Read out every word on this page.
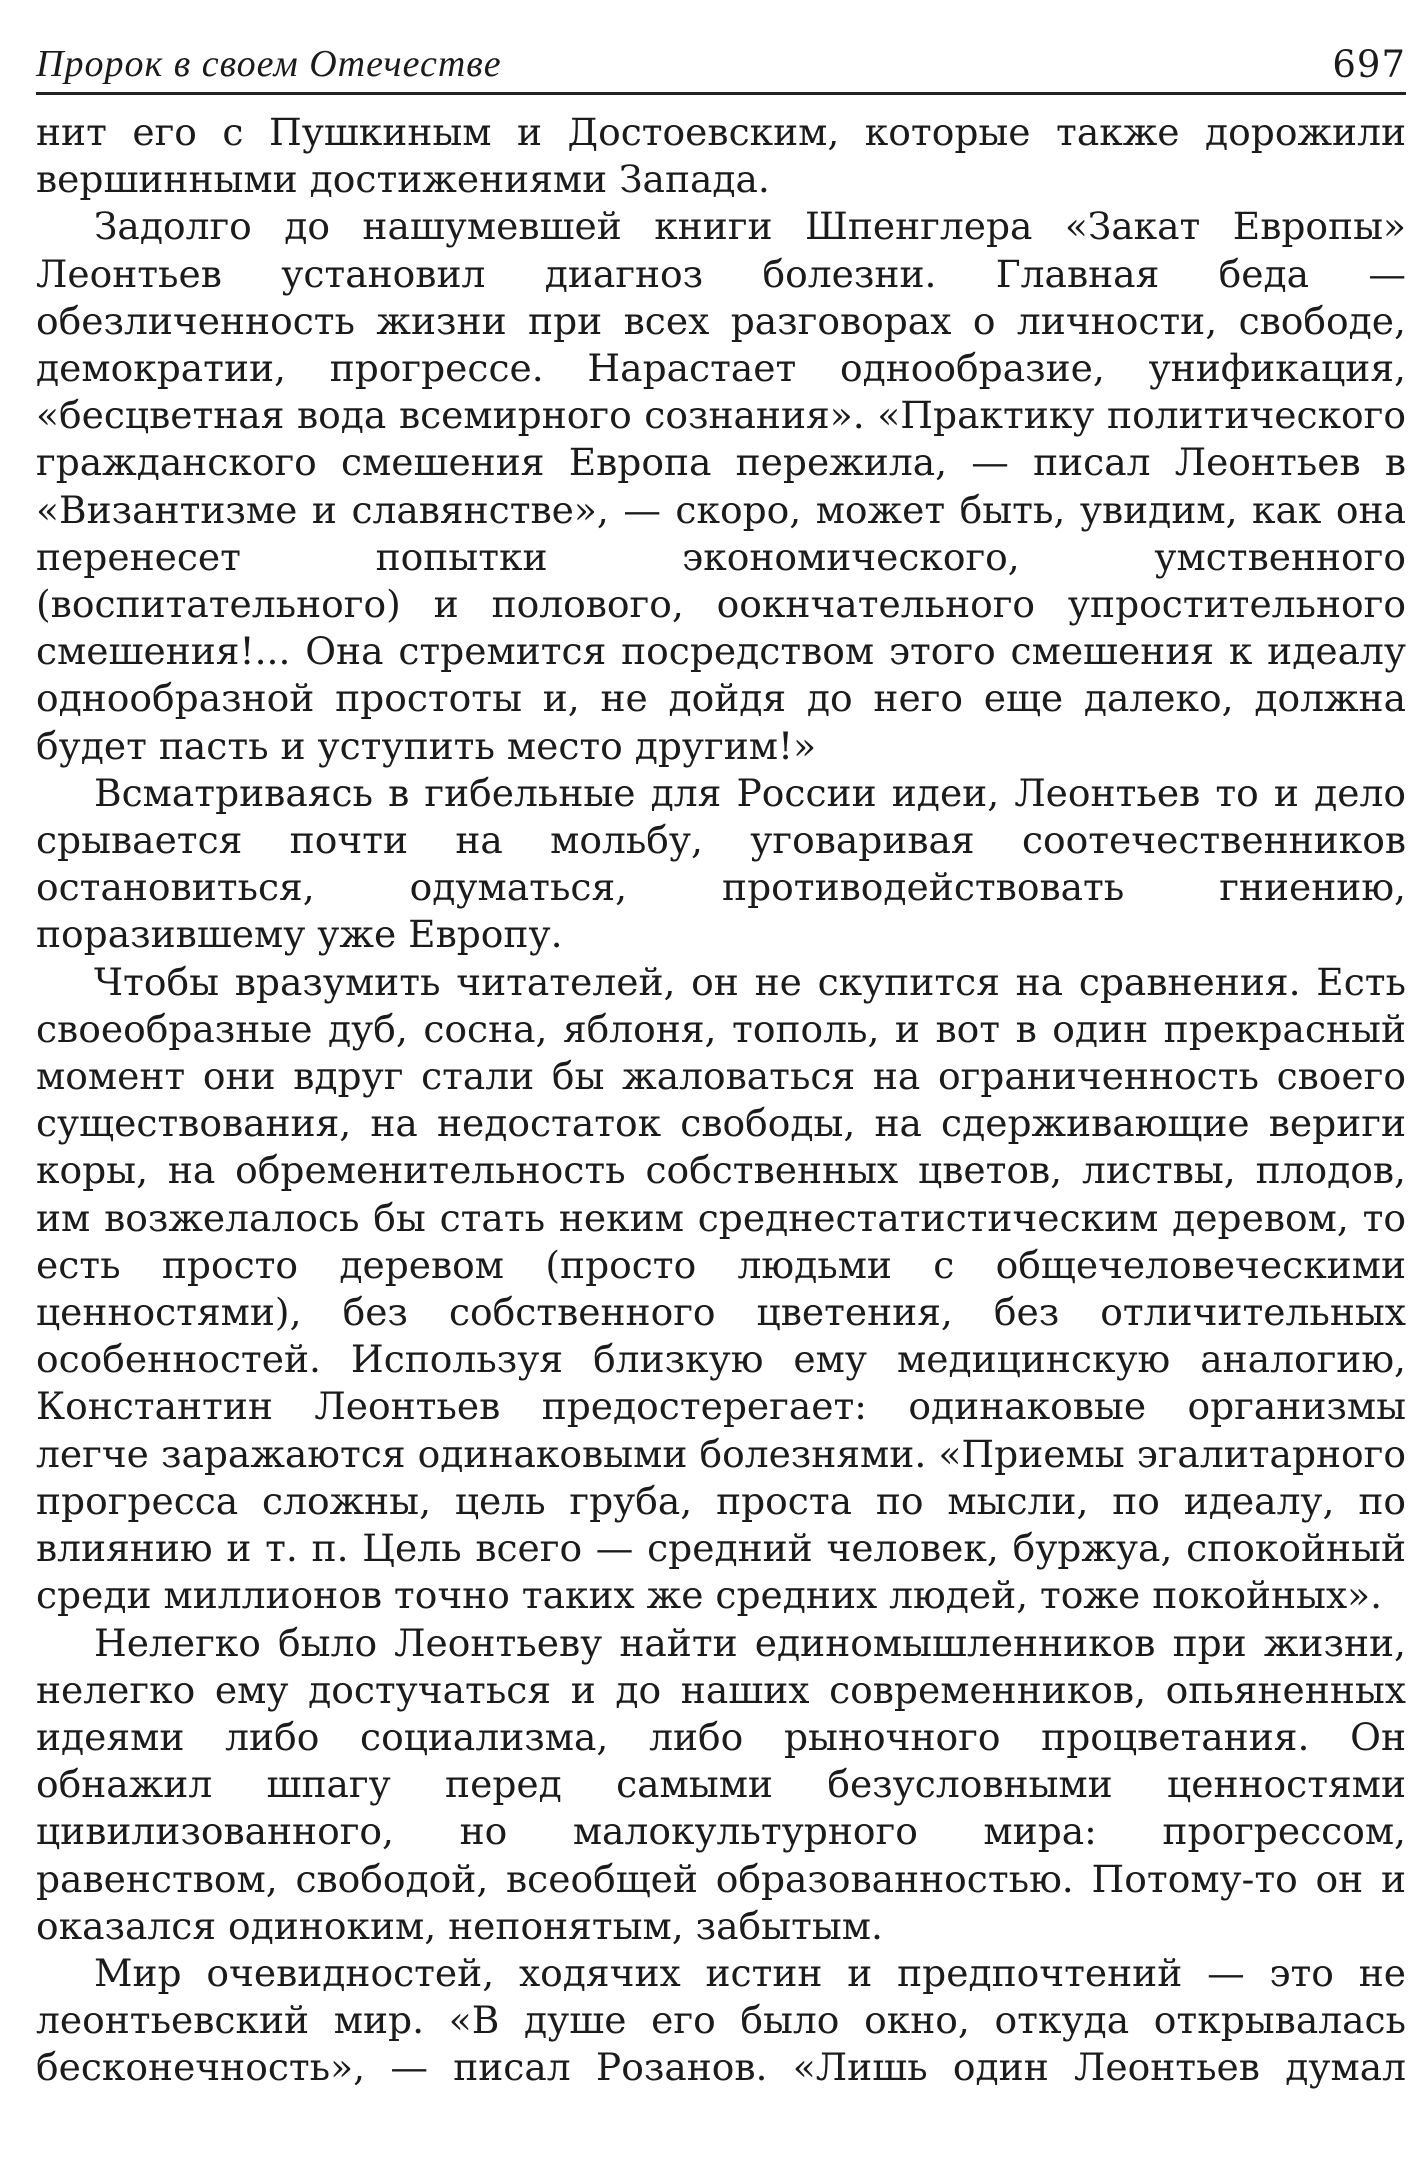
Пророк в своем Отечестве	697

нит его с Пушкиным и Достоевским, которые также дорожили вершинными достижениями Запада.

Задолго до нашумевшей книги Шпенглера «Закат Европы» Леонтьев установил диагноз болезни. Главная беда — обезличенность жизни при всех разговорах о личности, свободе, демократии, прогрессе. Нарастает однообразие, унификация, «бесцветная вода всемирного сознания». «Практику политического гражданского смешения Европа пережила, — писал Леонтьев в «Византизме и славянстве», — скоро, может быть, увидим, как она перенесет попытки экономического, умственного (воспитательного) и полового, оокнчательного упростительного смешения!... Она стремится посредством этого смешения к идеалу однообразной простоты и, не дойдя до него еще далеко, должна будет пасть и уступить место другим!»

Всматриваясь в гибельные для России идеи, Леонтьев то и дело срывается почти на мольбу, уговаривая соотечественников остановиться, одуматься, противодействовать гниению, поразившему уже Европу.

Чтобы вразумить читателей, он не скупится на сравнения. Есть своеобразные дуб, сосна, яблоня, тополь, и вот в один прекрасный момент они вдруг стали бы жаловаться на ограниченность своего существования, на недостаток свободы, на сдерживающие вериги коры, на обременительность собственных цветов, листвы, плодов, им возжелалось бы стать неким среднестатистическим деревом, то есть просто деревом (просто людьми с общечеловеческими ценностями), без собственного цветения, без отличительных особенностей. Используя близкую ему медицинскую аналогию, Константин Леонтьев предостерегает: одинаковые организмы легче заражаются одинаковыми болезнями. «Приемы эгалитарного прогресса сложны, цель груба, проста по мысли, по идеалу, по влиянию и т. п. Цель всего — средний человек, буржуа, спокойный среди миллионов точно таких же средних людей, тоже покойных».

Нелегко было Леонтьеву найти единомышленников при жизни, нелегко ему достучаться и до наших современников, опьяненных идеями либо социализма, либо рыночного процветания. Он обнажил шпагу перед самыми безусловными ценностями цивилизованного, но малокультурного мира: прогрессом, равенством, свободой, всеобщей образованностью. Потому-то он и оказался одиноким, непонятым, забытым.

Мир очевидностей, ходячих истин и предпочтений — это не леонтьевский мир. «В душе его было окно, откуда открывалась бесконечность», — писал Розанов. «Лишь один Леонтьев думал
